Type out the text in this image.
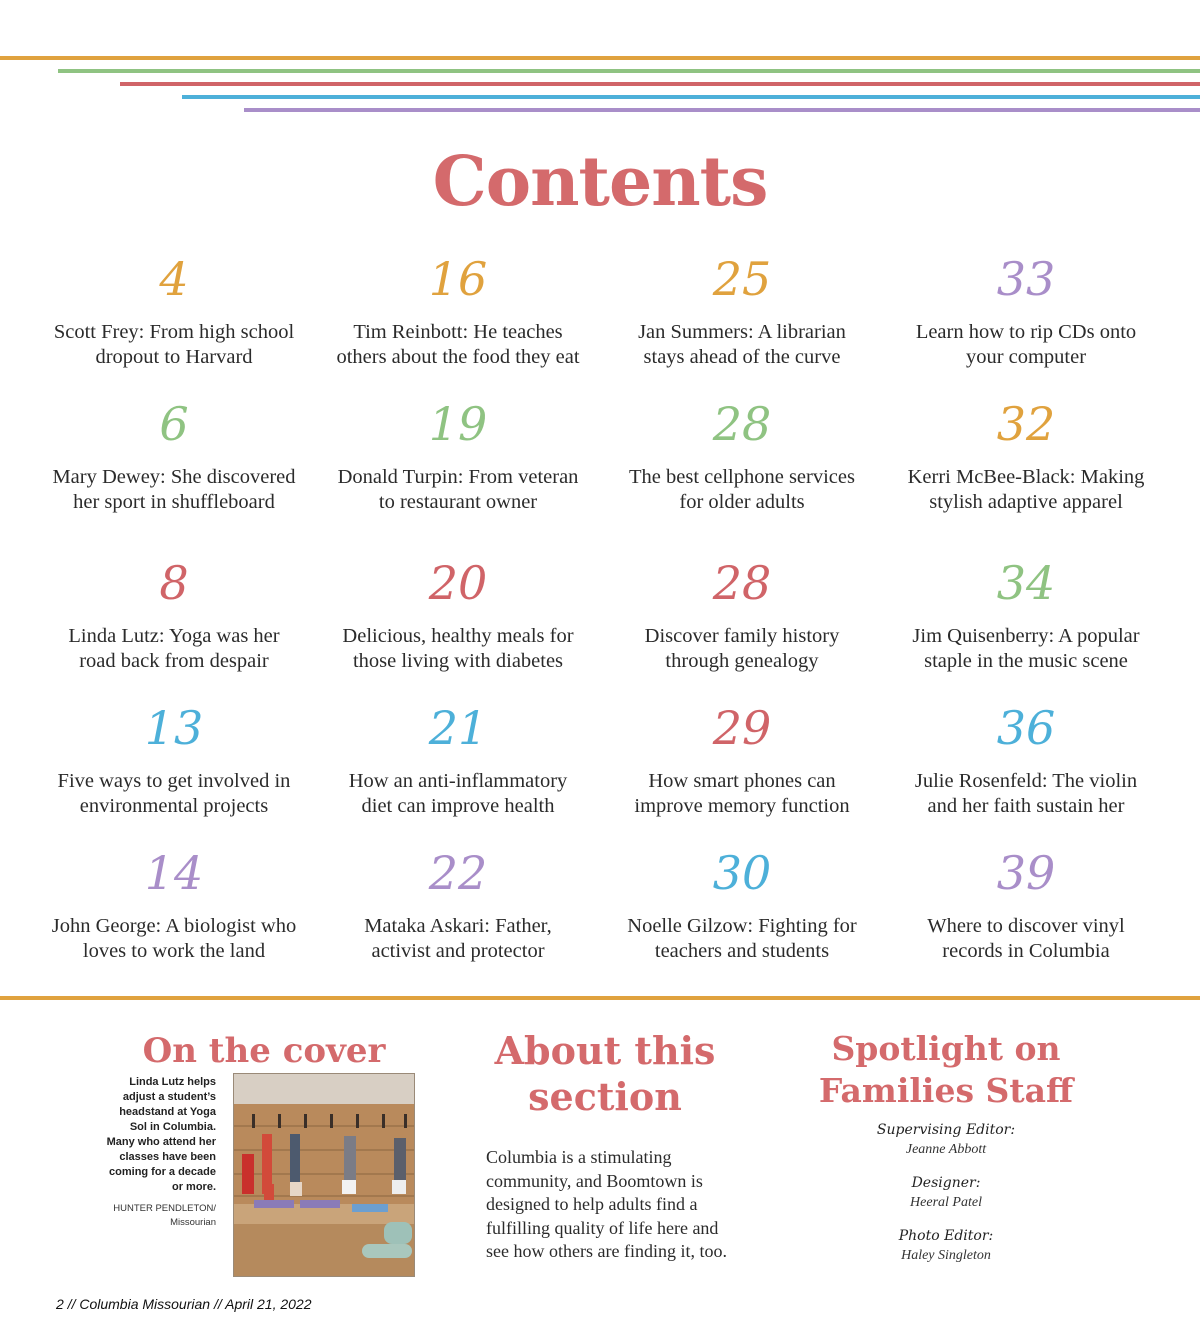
Contents
4
Scott Frey: From high school dropout to Harvard
16
Tim Reinbott: He teaches others about the food they eat
25
Jan Summers: A librarian stays ahead of the curve
33
Learn how to rip CDs onto your computer
6
Mary Dewey: She discovered her sport in shuffleboard
19
Donald Turpin: From veteran to restaurant owner
28
The best cellphone services for older adults
32
Kerri McBee-Black: Making stylish adaptive apparel
8
Linda Lutz: Yoga was her road back from despair
20
Delicious, healthy meals for those living with diabetes
28
Discover family history through genealogy
34
Jim Quisenberry: A popular staple in the music scene
13
Five ways to get involved in environmental projects
21
How an anti-inflammatory diet can improve health
29
How smart phones can improve memory function
36
Julie Rosenfeld: The violin and her faith sustain her
14
John George: A biologist who loves to work the land
22
Mataka Askari: Father, activist and protector
30
Noelle Gilzow: Fighting for teachers and students
39
Where to discover vinyl records in Columbia
On the cover
Linda Lutz helps adjust a student’s headstand at Yoga Sol in Columbia. Many who attend her classes have been coming for a decade or more.
HUNTER PENDLETON/
Missourian
About this
section
Columbia is a stimulating community, and Boomtown is designed to help adults find a fulfilling quality of life here and see how others are finding it, too.
Spotlight on
Families Staff
Supervising Editor:
Jeanne Abbott
Designer:
Heeral Patel
Photo Editor:
Haley Singleton
2 // Columbia Missourian // April 21, 2022
